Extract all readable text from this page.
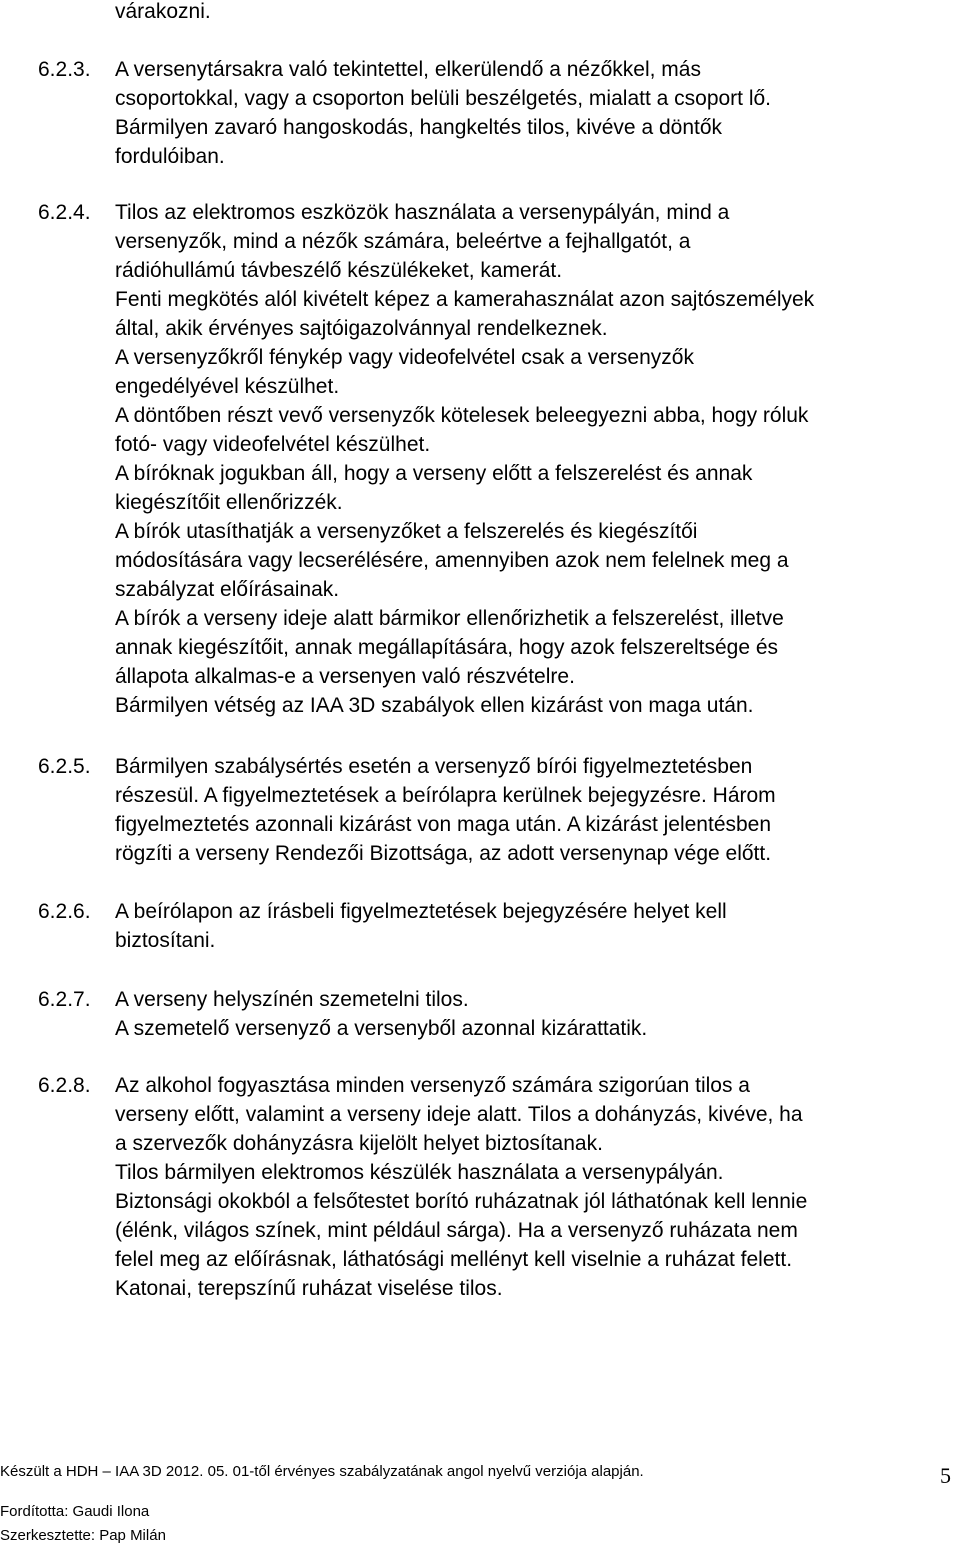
várakozni.
6.2.3. A versenytársakra való tekintettel, elkerülendő a nézőkkel, más
csoportokkal, vagy a csoporton belüli beszélgetés, mialatt a csoport lő.
Bármilyen zavaró hangoskodás, hangkeltés tilos, kivéve a döntők
fordulóiban.
6.2.4. Tilos az elektromos eszközök használata a versenypályán, mind a
versenyzők, mind a nézők számára, beleértve a fejhallgatót, a
rádióhullámú távbeszélő készülékeket, kamerát.
Fenti megkötés alól kivételt képez a kamerahasználat azon sajtószemélyek
által, akik érvényes sajtóigazolvánnyal rendelkeznek.
A versenyzőkről fénykép vagy videofelvétel csak a versenyzők
engedélyével készülhet.
A döntőben részt vevő versenyzők kötelesek beleegyezni abba, hogy róluk
fotó- vagy videofelvétel készülhet.
A bíróknak jogukban áll, hogy a verseny előtt a felszerelést és annak
kiegészítőit ellenőrizzék.
A bírók utasíthatják a versenyzőket a felszerelés és kiegészítői
módosítására vagy lecserélésére, amennyiben azok nem felelnek meg a
szabályzat előírásainak.
A bírók a verseny ideje alatt bármikor ellenőrizhetik a felszerelést, illetve
annak kiegészítőit, annak megállapítására, hogy azok felszereltsége és
állapota alkalmas-e a versenyen való részvételre.
Bármilyen vétség az IAA 3D szabályok ellen kizárást von maga után.
6.2.5. Bármilyen szabálysértés esetén a versenyző bírói figyelmeztetésben
részesül. A figyelmeztetések a beírólapra kerülnek bejegyzésre. Három
figyelmeztetés azonnali kizárást von maga után. A kizárást jelentésben
rögzíti a verseny Rendezői Bizottsága, az adott versenynap vége előtt.
6.2.6. A beírólapon az írásbeli figyelmeztetések bejegyzésére helyet kell
biztosítani.
6.2.7. A verseny helyszínén szemetelni tilos.
A szemetelő versenyző a versenyből azonnal kizárattatik.
6.2.8. Az alkohol fogyasztása minden versenyző számára szigorúan tilos a
verseny előtt, valamint a verseny ideje alatt. Tilos a dohányzás, kivéve, ha
a szervezők dohányzásra kijelölt helyet biztosítanak.
Tilos bármilyen elektromos készülék használata a versenypályán.
Biztonsági okokból a felsőtestet borító ruházatnak jól láthatónak kell lennie
(élénk, világos színek, mint például sárga). Ha a versenyző ruházata nem
felel meg az előírásnak, láthatósági mellényt kell viselnie a ruházat felett.
Katonai, terepszínű ruházat viselése tilos.
Készült a HDH – IAA 3D 2012. 05. 01-től érvényes szabályzatának angol nyelvű verziója alapján.
Fordította: Gaudi Ilona
Szerkesztette: Pap Milán
5
